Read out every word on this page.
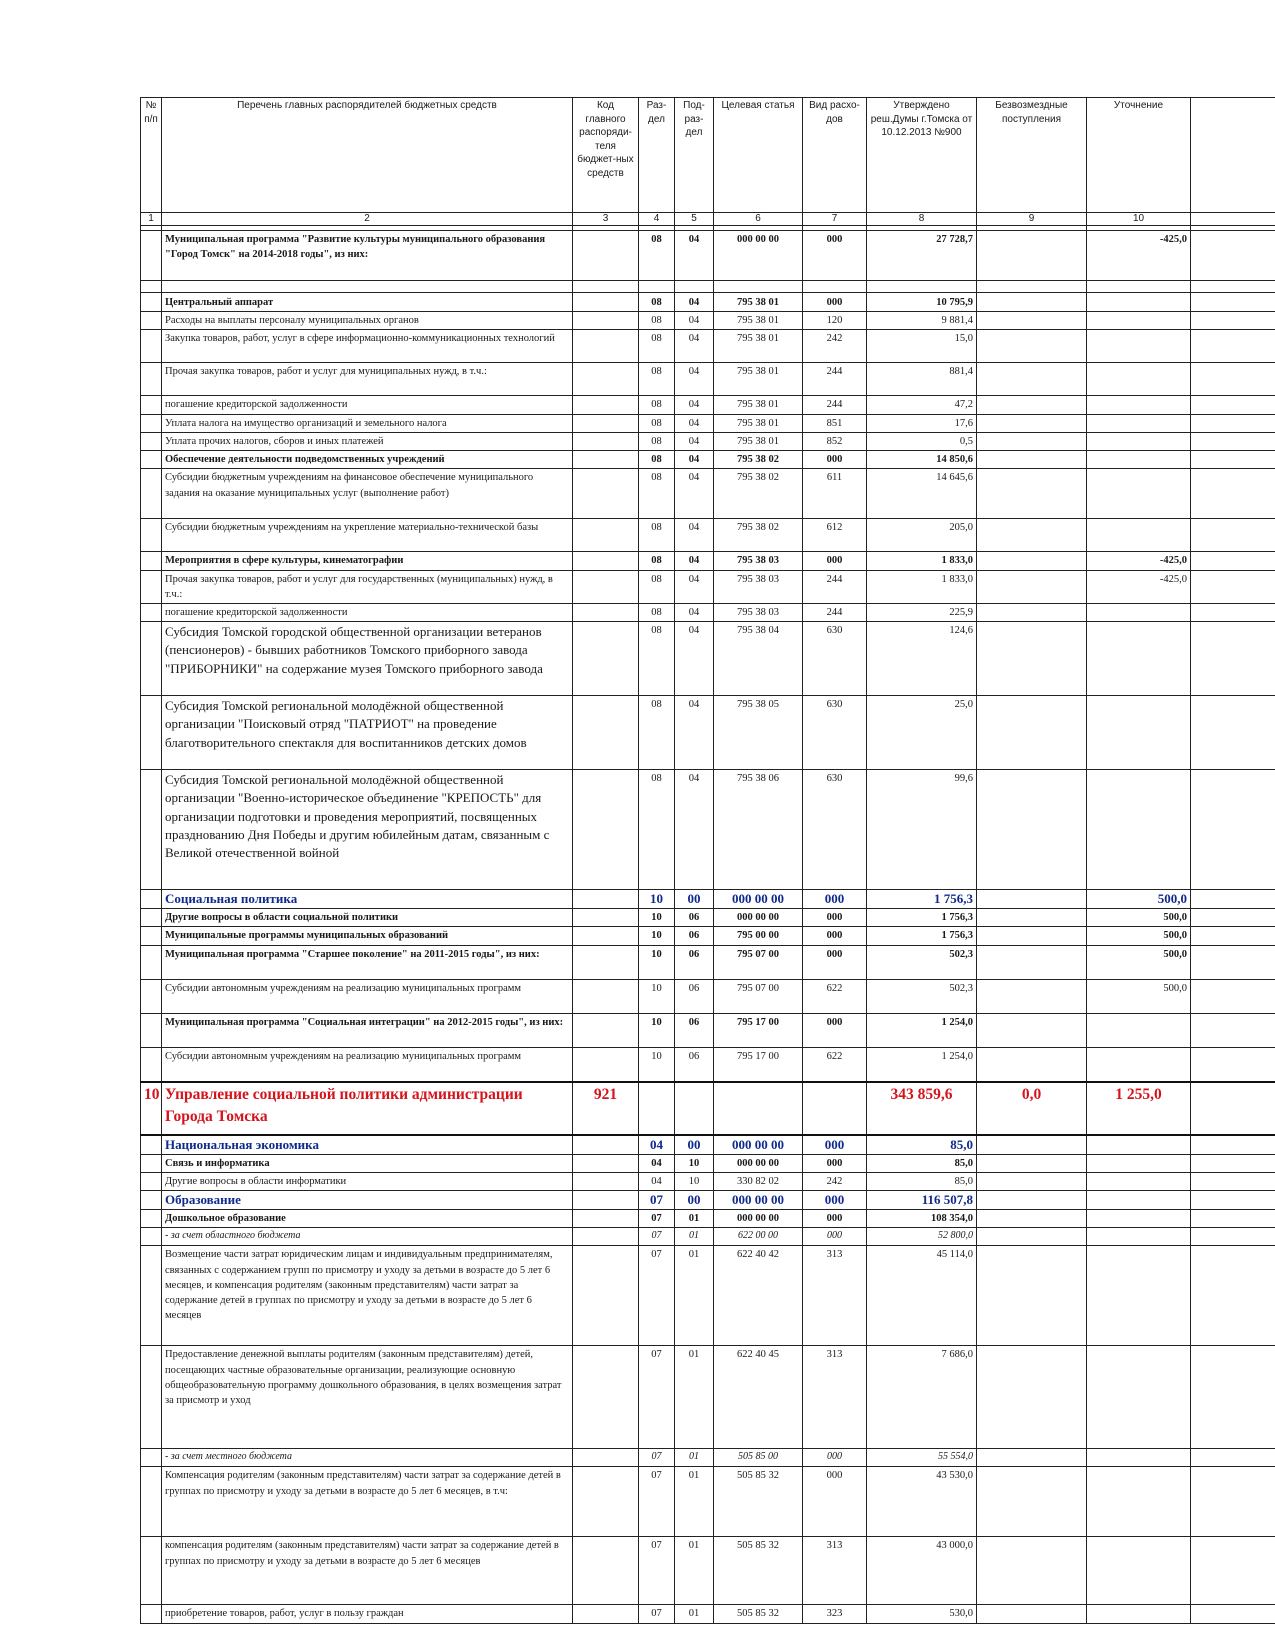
№ п/п	Перечень главных распорядителей бюджетных средств	Код главного распоряди-теля бюджет-ных средств	Раз-дел	Под-раз-дел	Целевая статья	Вид расхо-дов	Утверждено реш.Думы г.Томска от 10.12.2013 №900	Безвозмездные поступления	Уточнение	
1	2	3	4	5	6	7	8	9	10	

	Муниципальная программа "Развитие культуры муниципального образования "Город Томск" на 2014-2018 годы", из них:		08	04	000 00 00	000	27 728,7		-425,0	

	Центральный аппарат		08	04	795 38 01	000	10 795,9			
	Расходы на выплаты персоналу муниципальных органов		08	04	795 38 01	120	9 881,4			
	Закупка товаров, работ, услуг в сфере информационно-коммуникационных технологий		08	04	795 38 01	242	15,0			
	Прочая закупка товаров, работ и услуг для муниципальных нужд, в т.ч.:		08	04	795 38 01	244	881,4			
	погашение кредиторской задолженности		08	04	795 38 01	244	47,2			
	Уплата налога на имущество организаций и земельного налога		08	04	795 38 01	851	17,6			
	Уплата прочих налогов, сборов и иных платежей		08	04	795 38 01	852	0,5			
	Обеспечение деятельности подведомственных учреждений		08	04	795 38 02	000	14 850,6			
	Субсидии бюджетным учреждениям на финансовое обеспечение муниципального задания на оказание муниципальных услуг (выполнение работ)		08	04	795 38 02	611	14 645,6			
	Субсидии бюджетным учреждениям на укрепление материально-технической базы		08	04	795 38 02	612	205,0			
	Мероприятия в сфере культуры, кинематографии		08	04	795 38 03	000	1 833,0		-425,0	
	Прочая закупка товаров, работ и услуг для государственных (муниципальных) нужд, в т.ч.:		08	04	795 38 03	244	1 833,0		-425,0	
	погашение кредиторской задолженности		08	04	795 38 03	244	225,9			
	Субсидия Томской городской общественной организации ветеранов (пенсионеров) - бывших работников Томского приборного завода "ПРИБОРНИКИ" на содержание музея Томского приборного завода		08	04	795 38 04	630	124,6			
	Субсидия Томской региональной молодёжной общественной организации "Поисковый отряд "ПАТРИОТ" на проведение благотворительного спектакля для воспитанников детских домов		08	04	795 38 05	630	25,0			
	Субсидия Томской региональной молодёжной общественной организации "Военно-историческое объединение "КРЕПОСТЬ" для организации подготовки и проведения мероприятий, посвященных празднованию Дня Победы и другим юбилейным датам, связанным с Великой отечественной войной		08	04	795 38 06	630	99,6			
	Социальная политика		10	00	000 00 00	000	1 756,3		500,0	
	Другие вопросы в области социальной политики		10	06	000 00 00	000	1 756,3		500,0	
	Муниципальные программы муниципальных образований		10	06	795 00 00	000	1 756,3		500,0	
	Муниципальная программа "Старшее поколение" на 2011-2015 годы", из них:		10	06	795 07 00	000	502,3		500,0	
	Субсидии автономным учреждениям на реализацию муниципальных программ		10	06	795 07 00	622	502,3		500,0	
	Муниципальная программа "Социальная интеграции" на 2012-2015 годы", из них:		10	06	795 17 00	000	1 254,0			
	Субсидии автономным учреждениям на реализацию муниципальных программ		10	06	795 17 00	622	1 254,0			
10	Управление социальной политики администрации Города Томска	921					343 859,6	0,0	1 255,0	
	Национальная экономика		04	00	000 00 00	000	85,0			
	Связь и информатика		04	10	000 00 00	000	85,0			
	Другие вопросы в области информатики		04	10	330 82 02	242	85,0			
	Образование		07	00	000 00 00	000	116 507,8			
	Дошкольное образование		07	01	000 00 00	000	108 354,0			
	- за счет областного бюджета		07	01	622 00 00	000	52 800,0			
	Возмещение части затрат юридическим лицам и индивидуальным предпринимателям, связанных с содержанием групп по присмотру и уходу за детьми в возрасте до 5 лет 6 месяцев, и компенсация родителям (законным представителям) части затрат за содержание детей в группах по присмотру и уходу за детьми в возрасте до 5 лет 6 месяцев		07	01	622 40 42	313	45 114,0			
	Предоставление денежной выплаты родителям (законным представителям) детей, посещающих частные образовательные организации, реализующие основную общеобразовательную программу дошкольного образования, в целях возмещения затрат за присмотр и уход		07	01	622 40 45	313	7 686,0			
	- за счет местного бюджета		07	01	505 85 00	000	55 554,0			
	Компенсация родителям (законным представителям) части затрат за содержание детей в группах по присмотру и уходу за детьми в возрасте до 5 лет 6 месяцев, в т.ч:		07	01	505 85 32	000	43 530,0			
	компенсация родителям (законным представителям) части затрат за содержание детей в группах по присмотру и уходу за детьми в возрасте до 5 лет 6 месяцев		07	01	505 85 32	313	43 000,0			
	приобретение товаров, работ, услуг в пользу граждан		07	01	505 85 32	323	530,0			
